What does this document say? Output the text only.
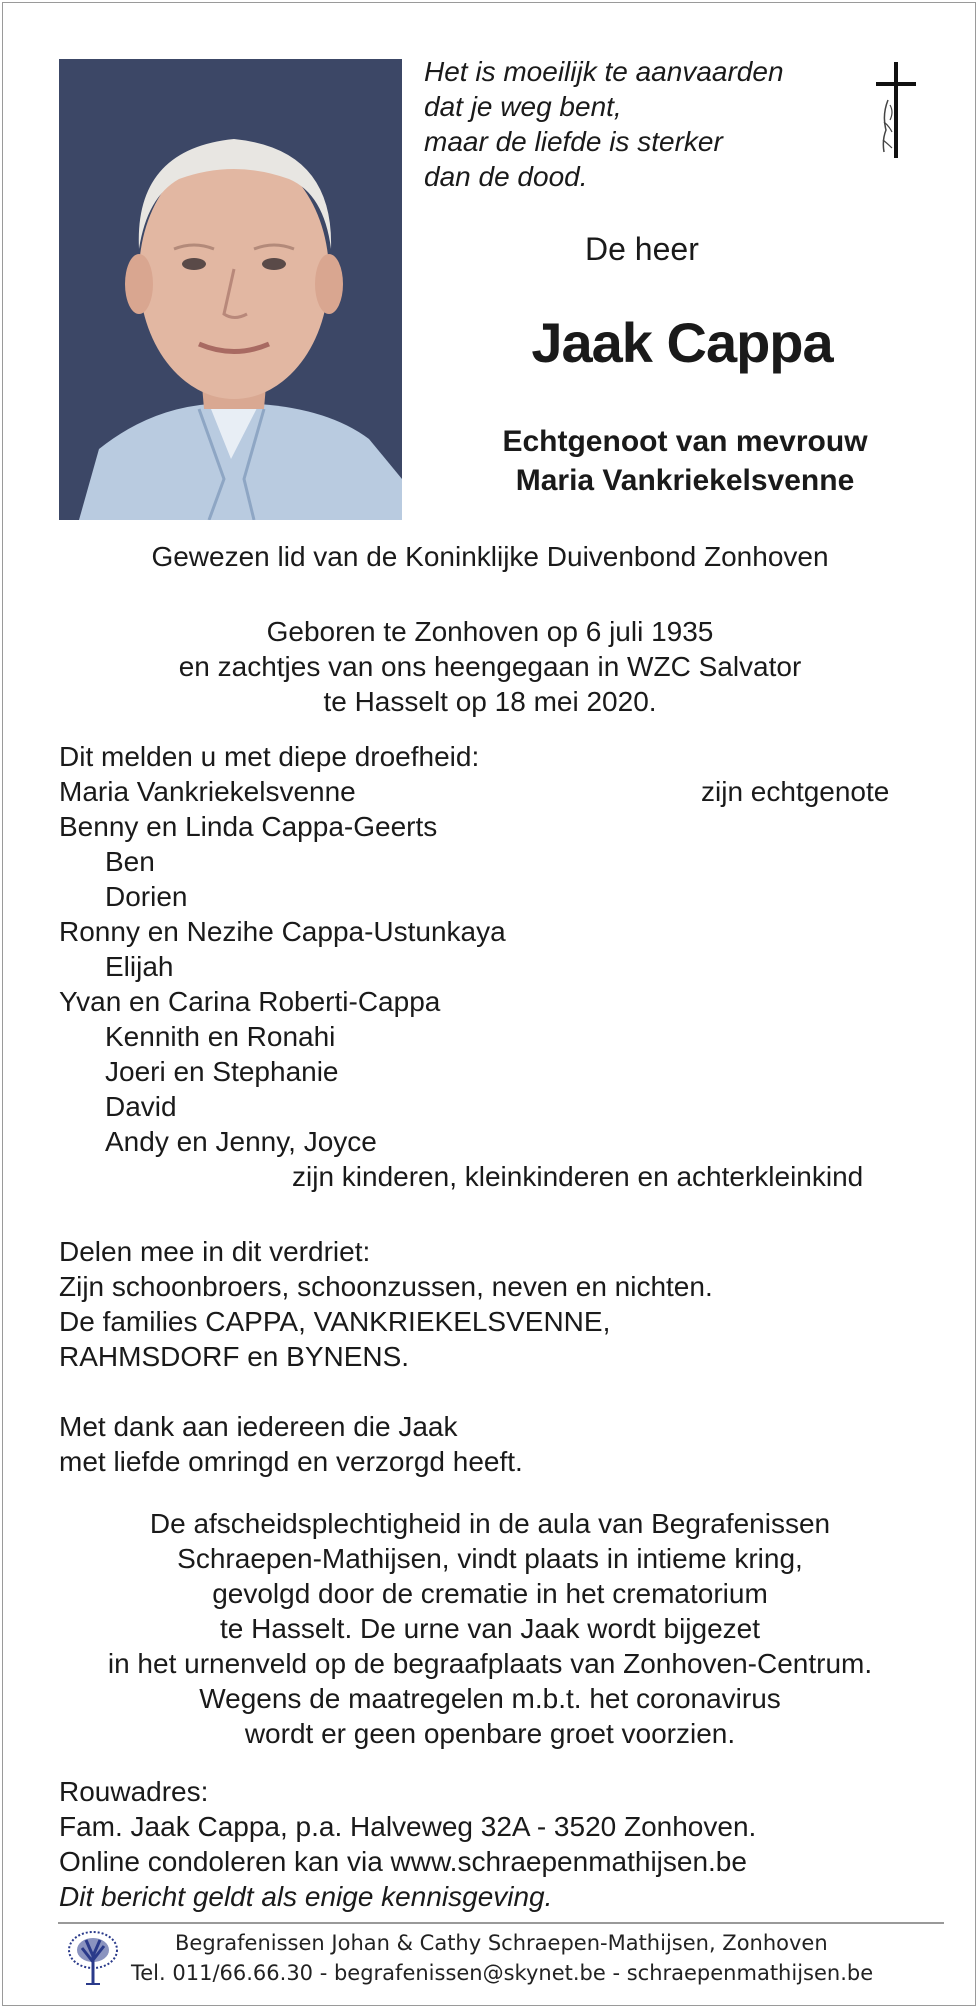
Het is moeilijk te aanvaarden
dat je weg bent,
maar de liefde is sterker
dan de dood.
De heer
Jaak Cappa
Echtgenoot van mevrouw
Maria Vankriekelsvenne
Gewezen lid van de Koninklijke Duivenbond Zonhoven
Geboren te Zonhoven op 6 juli 1935
en zachtjes van ons heengegaan in WZC Salvator
te Hasselt op 18 mei 2020.
Dit melden u met diepe droefheid:
Maria Vankriekelsvenne	zijn echtgenote
Benny en Linda Cappa-Geerts
Ben
Dorien
Ronny en Nezihe Cappa-Ustunkaya
Elijah
Yvan en Carina Roberti-Cappa
Kennith en Ronahi
Joeri en Stephanie
David
Andy en Jenny, Joyce
zijn kinderen, kleinkinderen en achterkleinkind
Delen mee in dit verdriet:
Zijn schoonbroers, schoonzussen, neven en nichten.
De families CAPPA, VANKRIEKELSVENNE,
RAHMSDORF en BYNENS.
Met dank aan iedereen die Jaak
met liefde omringd en verzorgd heeft.
De afscheidsplechtigheid in de aula van Begrafenissen
Schraepen-Mathijsen, vindt plaats in intieme kring,
gevolgd door de crematie in het crematorium
te Hasselt. De urne van Jaak wordt bijgezet
in het urnenveld op de begraafplaats van Zonhoven-Centrum.
Wegens de maatregelen m.b.t. het coronavirus
wordt er geen openbare groet voorzien.
Rouwadres:
Fam. Jaak Cappa, p.a. Halveweg 32A - 3520 Zonhoven.
Online condoleren kan via www.schraepenmathijsen.be
Dit bericht geldt als enige kennisgeving.
Begrafenissen Johan & Cathy Schraepen-Mathijsen, Zonhoven
Tel. 011/66.66.30 - begrafenissen@skynet.be - schraepenmathijsen.be
